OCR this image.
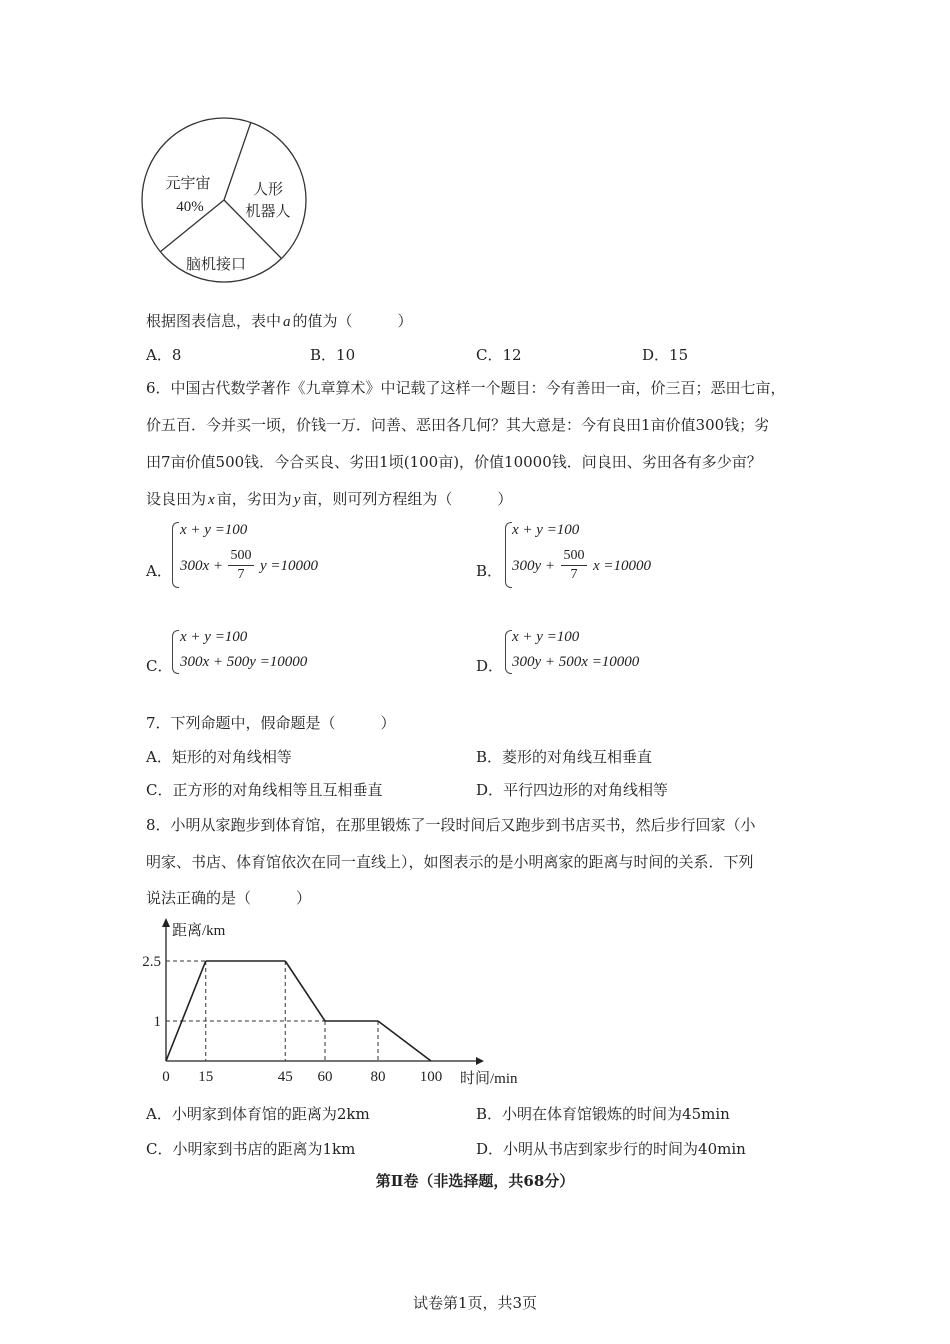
元宇宙
40%
人形
机器人
脑机接口
根据图表信息，表中 a 的值为（　　　）
A．8	B．10	C．12	D．15
6．中国古代数学著作《九章算术》中记载了这样一个题目：今有善田一亩，价三百；恶田七亩，
价五百．今并买一顷，价钱一万．问善、恶田各几何？其大意是：今有良田1亩价值300钱；劣
田7亩价值500钱．今合买良、劣田1顷(100亩)，价值10000钱．问良田、劣田各有多少亩？
设良田为 x 亩，劣田为 y 亩，则可列方程组为（　　　）
A．
x + y =100
300x +
500
7
y =10000	B．
x + y =100
300y +
500
7
x =10000
C．
x + y =100
300x + 500y =10000	D．
x + y =100
300y + 500x =10000
7．下列命题中，假命题是（　　　）
A．矩形的对角线相等	B．菱形的对角线互相垂直
C．正方形的对角线相等且互相垂直	D．平行四边形的对角线相等
8．小明从家跑步到体育馆，在那里锻炼了一段时间后又跑步到书店买书，然后步行回家（小
明家、书店、体育馆依次在同一直线上），如图表示的是小明离家的距离与时间的关系．下列
说法正确的是（　　　）
0 15	45 60	80 100
1
2.5
时间/min
距离/km
A．小明家到体育馆的距离为2km	B．小明在体育馆锻炼的时间为45min
C．小明家到书店的距离为1km	D．小明从书店到家步行的时间为40min
第Ⅱ卷（非选择题，共68分）
试卷第1页，共3页
